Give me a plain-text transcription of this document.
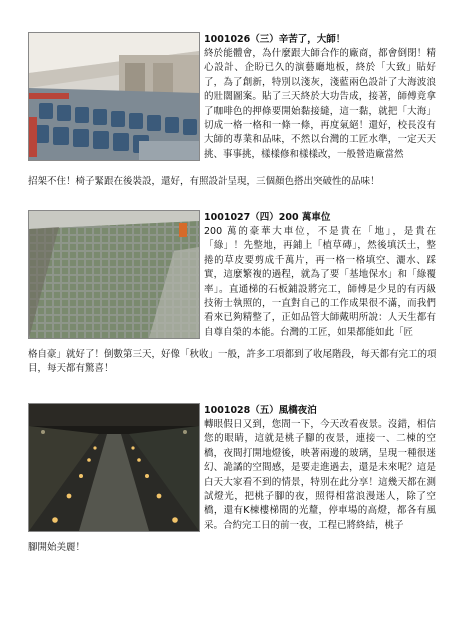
1001026（三）辛苦了，大師！
終於能體會，為什麼跟大師合作的廠商，都會倒閉！精心設計、企盼已久的演藝廳地板，終於「大致」貼好了，為了創新，特別以淺灰，淺藍兩色設計了大海波浪的壯闊圖案。貼了三天終於大功告成，接著，師傅竟拿了咖啡色的押條要開始黏接縫，這一黏，就把「大海」切成一格一格和一條一條，再度氣絕！還好，校長沒有大師的專業和品味，不然以台灣的工匠水準，一定天天挑、事事挑，樣樣修和樣樣改，一般營造廠當然
招架不住！椅子緊跟在後裝設，還好，有照設計呈現，三個顏色搭出突破性的品味！
1001027（四）200 萬車位
200 萬的豪華大車位，不是貴在「地」，是貴在「綠」！先整地，再鋪上「植草磚」，然後填沃土，整捲的草皮要剪成千萬片，再一格一格填空、灑水、踩實，這麼繁複的過程，就為了要「基地保水」和「綠覆率」。直通梯的石板鋪設將完工，師傅是少見的有丙級技術士執照的，一直對自己的工作成果很不滿，而我們看來已夠精整了，正如品管大師戴明所說：人天生都有自尊自榮的本能。台灣的工匠，如果都能如此「匠
格自豪」就好了！倒數第三天，好像「秋收」一般，許多工項都到了收尾階段，每天都有完工的項目，每天都有驚喜！
1001028（五）風橋夜泊
轉眼假日又到，您間一下，今天改看夜景。沒錯，相信您的眼睛，這就是桃子腳的夜景，連接一、二棟的空橋，夜間打開地燈後，映著兩邊的玻璃，呈現一種很迷幻、詭譎的空間感，是要走進過去，還是未來呢？這是白天大家看不到的情景，特別在此分享！這幾天都在測試燈光，把桃子腳的夜，照得相當浪漫迷人，除了空橋，還有K棟樓梯間的光釐，停車場的高燈，都各有風采。合約完工日的前一夜，工程已將終結，桃子
腳開始美麗！
